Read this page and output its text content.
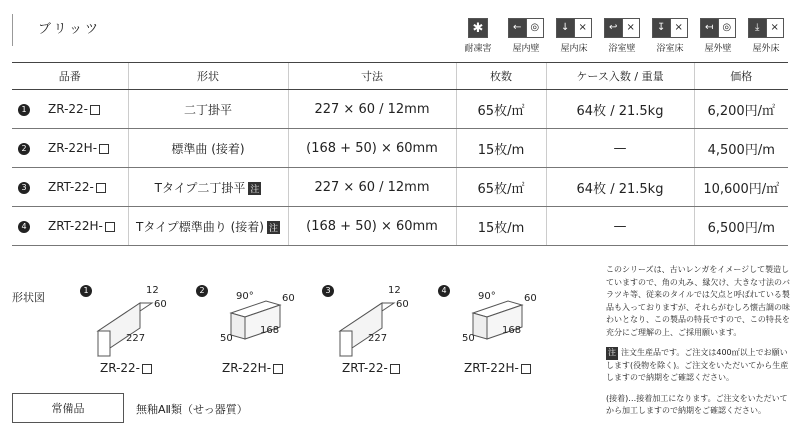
ブリッツ	✱
耐凍害
← ◎
屋内壁
↓ ×
屋内床
↩ ×
浴室壁
↧ ×
浴室床
↤ ◎
屋外壁
⤓	×
屋外床
品番	形状	寸法	枚数	ケース入数 / 重量	価格
1 ZR-22-	二丁掛平	227 × 60 / 12mm	65枚/㎡	64枚 / 21.5kg	6,200円/㎡
2 ZR-22H-	標準曲 (接着)	(168 + 50) × 60mm	15枚/m	—	4,500円/m
3 ZRT-22-	Tタイプ二丁掛平 注	227 × 60 / 12mm	65枚/㎡	64枚 / 21.5kg	10,600円/㎡
4 ZRT-22H-	Tタイプ標準曲り (接着) 注	(168 + 50) × 60mm	15枚/m	—	6,500円/m
形状図
1	12
60
227
ZR-22-
2
90°	60
50
168
ZR-22H-
3	12
60
227
ZRT-22-
4
90°	60
50
168
ZRT-22H-

このシリーズは、古いレンガをイメージして製造していますので、角の丸み、縁欠け、大きな寸法のバラツキ等、従来のタイルでは欠点と呼ばれている製品も入っておりますが、それらがむしろ懐古調の味わいとなり、この製品の特長ですので、この特長を充分にご理解の上、ご採用願います。

注 注文生産品です。ご注文は400㎡以上でお願いします(役物を除く)。ご注文をいただいてから生産しますので納期をご確認ください。

(接着)…接着加工になります。ご注文をいただいてから加工しますので納期をご確認ください。

常備品	無釉AⅡ類（せっ器質）
